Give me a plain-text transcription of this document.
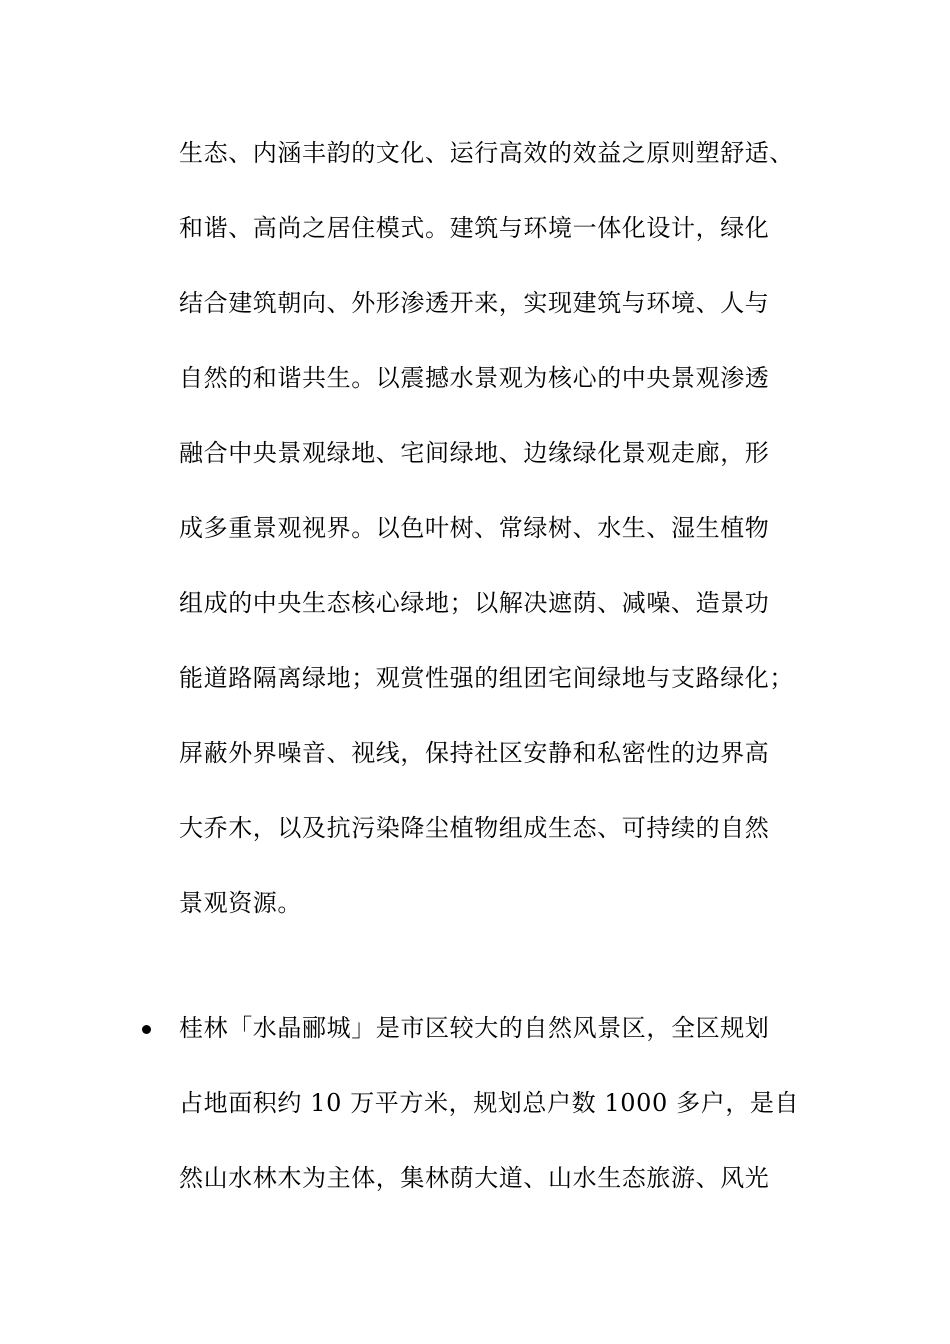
生态、内涵丰韵的文化、运行高效的效益之原则塑舒适、
和谐、高尚之居住模式。建筑与环境一体化设计，绿化
结合建筑朝向、外形渗透开来，实现建筑与环境、人与
自然的和谐共生。以震撼水景观为核心的中央景观渗透
融合中央景观绿地、宅间绿地、边缘绿化景观走廊，形
成多重景观视界。以色叶树、常绿树、水生、湿生植物
组成的中央生态核心绿地；以解决遮荫、减噪、造景功
能道路隔离绿地；观赏性强的组团宅间绿地与支路绿化；
屏蔽外界噪音、视线，保持社区安静和私密性的边界高
大乔木，以及抗污染降尘植物组成生态、可持续的自然
景观资源。
桂林「水晶郦城」是市区较大的自然风景区，全区规划
占地面积约 10 万平方米，规划总户数 1000 多户，是自
然山水林木为主体，集林荫大道、山水生态旅游、风光
